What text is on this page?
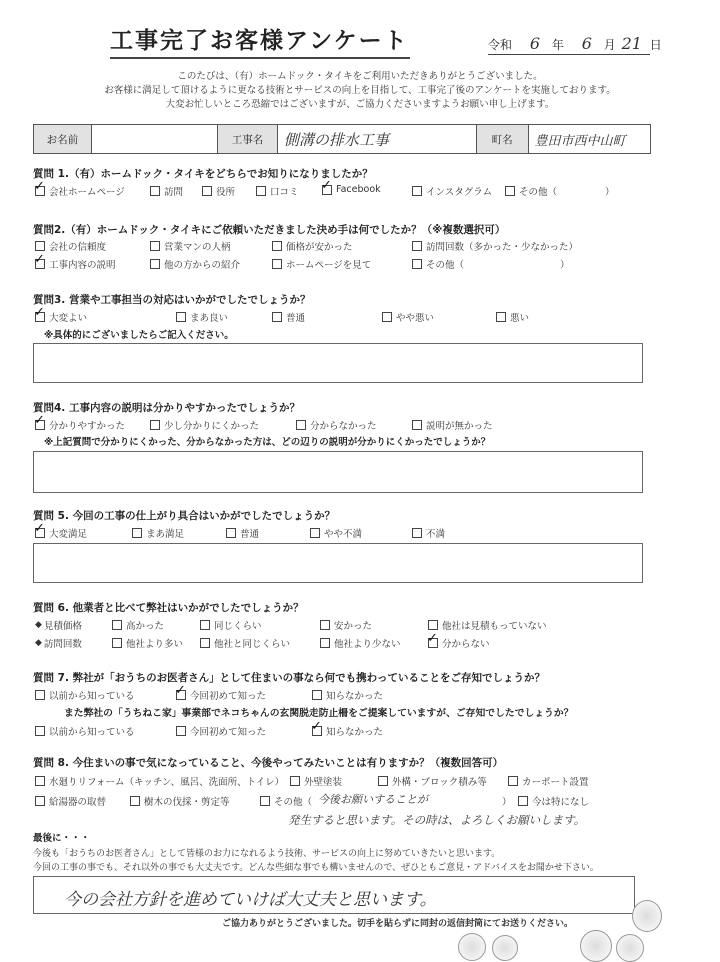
工事完了お客様アンケート	令和 6 年 6 月 21 日
このたびは、（有）ホームドック・タイキをご利用いただきありがとうございました。
お客様に満足して頂けるように更なる技術とサービスの向上を目指して、工事完了後のアンケートを実施しております。
大変お忙しいところ恐縮ではございますが、ご協力くださいますようお願い申し上げます。
お名前	工事名	側溝の排水工事	町名	豊田市西中山町
質問 1.（有）ホームドック・タイキをどちらでお知りになりましたか？
✓
会社ホームページ	訪問	役所	口コミ ✓	Facebook	インスタグラム	その他（	）
質問2.（有）ホームドック・タイキにご依頼いただきました決め手は何でしたか？（※複数選択可）
会社の信頼度	営業マンの人柄	価格が安かった	訪問回数（多かった・少なかった）
✓
工事内容の説明	他の方からの紹介	ホームページを見て	その他（	）
質問3. 営業や工事担当の対応はいかがでしたでしょうか？
✓
大変よい	まあ良い	普通	やや悪い	悪い
※具体的にございましたらご記入ください。
質問4. 工事内容の説明は分かりやすかったでしょうか？
✓
分かりやすかった	少し分かりにくかった	分からなかった	説明が無かった
※上記質問で分かりにくかった、分からなかった方は、どの辺りの説明が分かりにくかったでしょうか？
質問 5. 今回の工事の仕上がり具合はいかがでしたでしょうか？
✓
大変満足	まあ満足	普通	やや不満	不満
質問 6. 他業者と比べて弊社はいかがでしたでしょうか？
◆ 見積価格	高かった	同じくらい	安かった	他社は見積もっていない
◆ 訪問回数	他社より多い	他社と同じくらい	他社より少ない ✓	分からない
質問 7. 弊社が「おうちのお医者さん」として住まいの事なら何でも携わっていることをご存知でしょうか？
以前から知っている ✓	今回初めて知った	知らなかった
また弊社の「うちねこ家」事業部でネコちゃんの玄関脱走防止柵をご提案していますが、ご存知でしたでしょうか？
以前から知っている	今回初めて知った ✓	知らなかった
質問 8. 今住まいの事で気になっていること、今後やってみたいことは有りますか？（複数回答可）
水廻りリフォーム（キッチン、風呂、洗面所、トイレ） 外壁塗装	外構・ブロック積み等	カーポート設置
給湯器の取替	樹木の伐採・剪定等	その他（ 今後お願いすることが	） 今は特になし
発生すると思います。その時は、よろしくお願いします。
最後に・・・
今後も「おうちのお医者さん」として皆様のお力になれるよう技術、サービスの向上に努めていきたいと思います。
今回の工事の事でも、それ以外の事でも大丈夫です。どんな些細な事でも構いませんので、ぜひともご意見・アドバイスをお聞かせ下さい。
今の会社方針を進めていけば大丈夫と思います。
ご協力ありがとうございました。切手を貼らずに同封の返信封筒にてお送りください。
